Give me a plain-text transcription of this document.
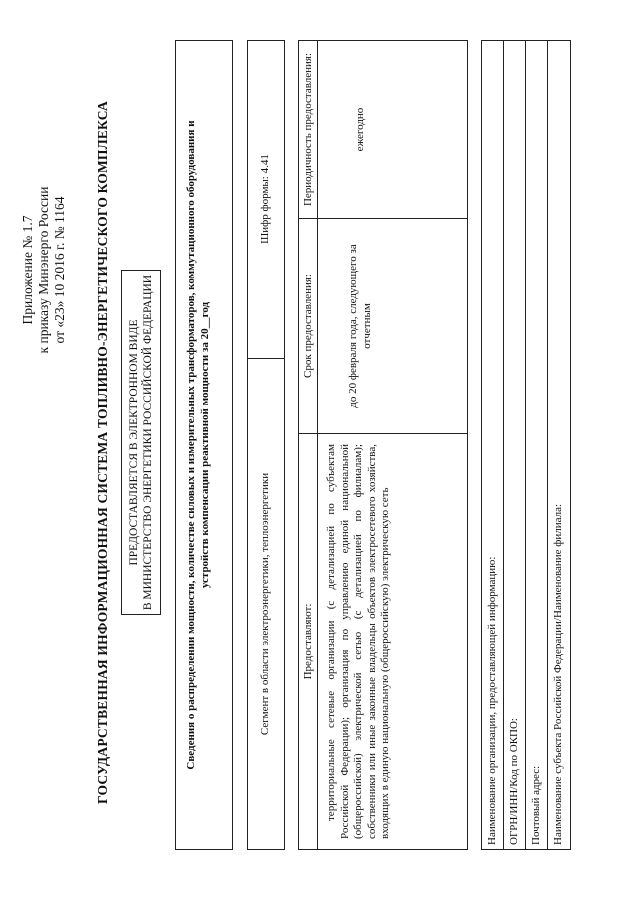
Приложение № 1.7 к приказу Минэнерго России от «23» 10 2016 г. № 1164 ГОСУДАРСТВЕННАЯ ИНФОРМАЦИОННАЯ СИСТЕМА ТОПЛИВНО-ЭНЕРГЕТИЧЕСКОГО КОМПЛЕКСА ПРЕДОСТАВЛЯЕТСЯ В ЭЛЕКТРОННОМ ВИДЕ В МИНИСТЕРСТВО ЭНЕРГЕТИКИ РОССИЙСКОЙ ФЕДЕРАЦИИ	Сведения о распределении мощности, количестве силовых и измерительных трансформаторов, коммутационного оборудования и устройств компенсации реактивной мощности за 20__год
Сегмент в области электроэнергетики, теплоэнергетики
Шифр формы: 4.41
Предоставляют:
Срок предоставления:
Периодичность предоставления:
территориальные сетевые организации (с детализацией по субъектам Российской Федерации); организация по управлению единой национальной (общероссийской) электрической сетью (с детализацией по филиалам); собственники или иные законные владельцы объектов электросетевого хозяйства, входящих в единую национальную (общероссийскую) электрическую сеть
до 20 февраля года, следующего за отчетным
ежегодно
Наименование организации, предоставляющей информацию: ОГРН/ИНН/Код по ОКПО: Почтовый адрес: Наименование субъекта Российской Федерации/Наименование филиала:
